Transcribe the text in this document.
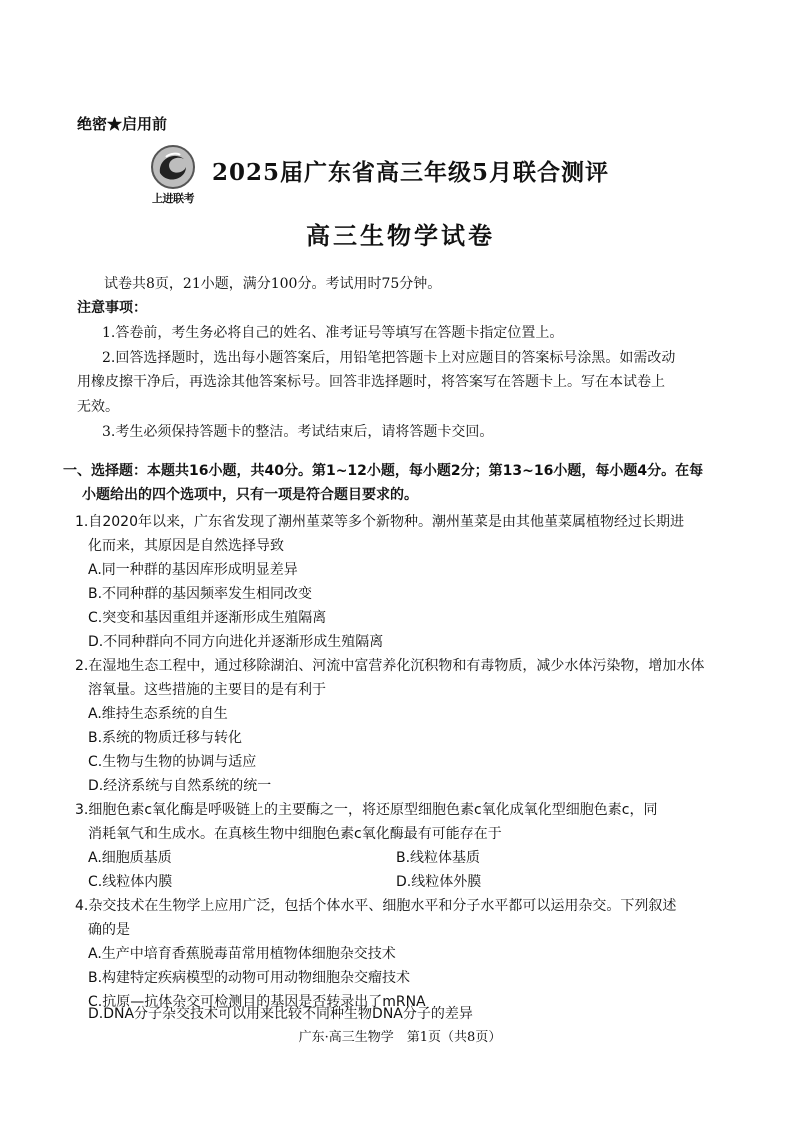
绝密★启用前
上进联考
2025届广东省高三年级5月联合测评
高三生物学试卷
试卷共8页，21小题，满分100分。考试用时75分钟。
注意事项：
1.答卷前，考生务必将自己的姓名、准考证号等填写在答题卡指定位置上。
2.回答选择题时，选出每小题答案后，用铅笔把答题卡上对应题目的答案标号涂黑。如需改动
用橡皮擦干净后，再选涂其他答案标号。回答非选择题时，将答案写在答题卡上。写在本试卷上
无效。
3.考生必须保持答题卡的整洁。考试结束后，请将答题卡交回。
一、选择题：本题共16小题，共40分。第1~12小题，每小题2分；第13~16小题，每小题4分。在每
小题给出的四个选项中，只有一项是符合题目要求的。
1.自2020年以来，广东省发现了潮州堇菜等多个新物种。潮州堇菜是由其他堇菜属植物经过长期进
化而来，其原因是自然选择导致
A.同一种群的基因库形成明显差异
B.不同种群的基因频率发生相同改变
C.突变和基因重组并逐渐形成生殖隔离
D.不同种群向不同方向进化并逐渐形成生殖隔离
2.在湿地生态工程中，通过移除湖泊、河流中富营养化沉积物和有毒物质，减少水体污染物，增加水体
溶氧量。这些措施的主要目的是有利于
A.维持生态系统的自生
B.系统的物质迁移与转化
C.生物与生物的协调与适应
D.经济系统与自然系统的统一
3.细胞色素c氧化酶是呼吸链上的主要酶之一，将还原型细胞色素c氧化成氧化型细胞色素c，同
消耗氧气和生成水。在真核生物中细胞色素c氧化酶最有可能存在于
A.细胞质基质	B.线粒体基质
C.线粒体内膜	D.线粒体外膜
4.杂交技术在生物学上应用广泛，包括个体水平、细胞水平和分子水平都可以运用杂交。下列叙述
确的是
A.生产中培育香蕉脱毒苗常用植物体细胞杂交技术
B.构建特定疾病模型的动物可用动物细胞杂交瘤技术
C.抗原—抗体杂交可检测目的基因是否转录出了mRNA
D.DNA分子杂交技术可以用来比较不同种生物DNA分子的差异
广东·高三生物学　第1页（共8页）
